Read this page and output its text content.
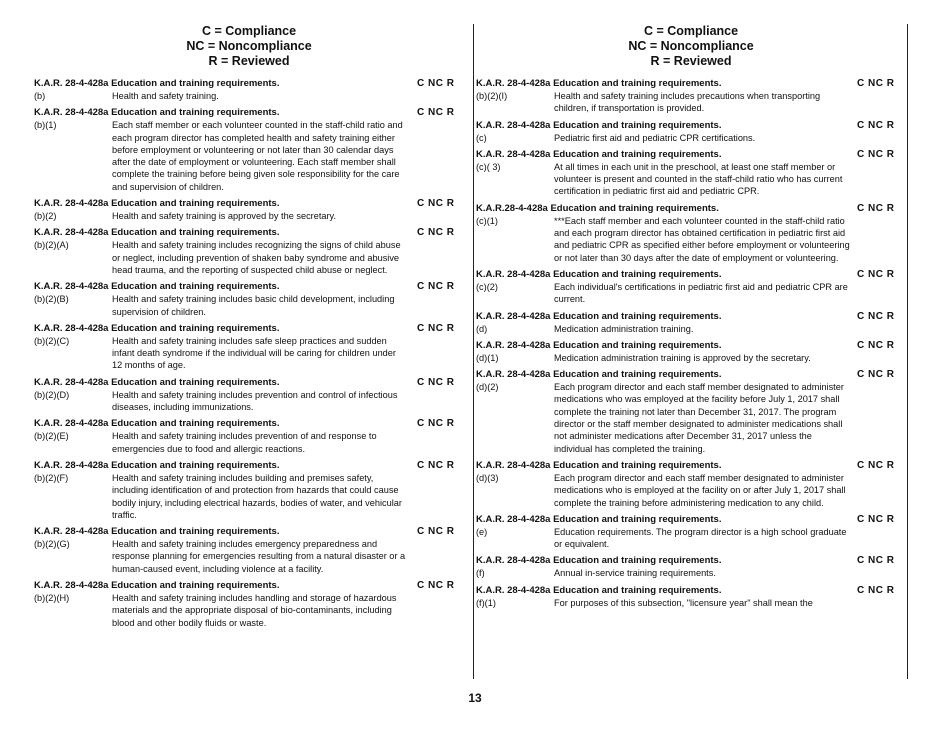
C = Compliance
NC = Noncompliance
R = Reviewed
K.A.R. 28-4-428a Education and training requirements.	C NC R
(b)	Health and safety training.
K.A.R. 28-4-428a Education and training requirements.	C NC R
(b)(1)	Each staff member or each volunteer counted in the staff-child ratio and each program director has completed health and safety training either before employment or volunteering or not later than 30 calendar days after the date of employment or volunteering. Each staff member shall complete the training before being given sole responsibility for the care and supervision of children.
K.A.R. 28-4-428a Education and training requirements.	C NC R
(b)(2)	Health and safety training is approved by the secretary.
K.A.R. 28-4-428a Education and training requirements.	C NC R
(b)(2)(A)	Health and safety training includes recognizing the signs of child abuse or neglect, including prevention of shaken baby syndrome and abusive head trauma, and the reporting of suspected child abuse or neglect.
K.A.R. 28-4-428a Education and training requirements.	C NC R
(b)(2)(B)	Health and safety training includes basic child development, including supervision of children.
K.A.R. 28-4-428a Education and training requirements.	C NC R
(b)(2)(C)	Health and safety training includes safe sleep practices and sudden infant death syndrome if the individual will be caring for children under 12 months of age.
K.A.R. 28-4-428a Education and training requirements.	C NC R
(b)(2)(D)	Health and safety training includes prevention and control of infectious diseases, including immunizations.
K.A.R. 28-4-428a Education and training requirements.	C NC R
(b)(2)(E)	Health and safety training includes prevention of and response to emergencies due to food and allergic reactions.
K.A.R. 28-4-428a Education and training requirements.	C NC R
(b)(2)(F)	Health and safety training includes building and premises safety, including identification of and protection from hazards that could cause bodily injury, including electrical hazards, bodies of water, and vehicular traffic.
K.A.R. 28-4-428a Education and training requirements.	C NC R
(b)(2)(G)	Health and safety training includes emergency preparedness and response planning for emergencies resulting from a natural disaster or a human-caused event, including violence at a facility.
K.A.R. 28-4-428a Education and training requirements.	C NC R
(b)(2)(H)	Health and safety training includes handling and storage of hazardous materials and the appropriate disposal of bio-contaminants, including blood and other bodily fluids or waste.
C = Compliance
NC = Noncompliance
R = Reviewed
K.A.R. 28-4-428a Education and training requirements.	C NC R
(b)(2)(I)	Health and safety training includes precautions when transporting children, if transportation is provided.
K.A.R. 28-4-428a Education and training requirements.	C NC R
(c)	Pediatric first aid and pediatric CPR certifications.
K.A.R. 28-4-428a Education and training requirements.	C NC R
(c)( 3)	At all times in each unit in the preschool, at least one staff member or volunteer is present and counted in the staff-child ratio who has current certification in pediatric first aid and pediatric CPR.
K.A.R.28-4-428a Education and training requirements.	C NC R
(c)(1)	***Each staff member and each volunteer counted in the staff-child ratio and each program director has obtained certification in pediatric first aid and pediatric CPR as specified either before employment or volunteering or not later than 30 days after the date of employment or volunteering.
K.A.R. 28-4-428a Education and training requirements.	C NC R
(c)(2)	Each individual's certifications in pediatric first aid and pediatric CPR are current.
K.A.R. 28-4-428a Education and training requirements.	C NC R
(d)	Medication administration training.
K.A.R. 28-4-428a Education and training requirements.	C NC R
(d)(1)	Medication administration training is approved by the secretary.
K.A.R. 28-4-428a Education and training requirements.	C NC R
(d)(2)	Each program director and each staff member designated to administer medications who was employed at the facility before July 1, 2017 shall complete the training not later than December 31, 2017. The program director or the staff member designated to administer medications shall not administer medications after December 31, 2017 unless the individual has completed the training.
K.A.R. 28-4-428a Education and training requirements.	C NC R
(d)(3)	Each program director and each staff member designated to administer medications who is employed at the facility on or after July 1, 2017 shall complete the training before administering medication to any child.
K.A.R. 28-4-428a Education and training requirements.	C NC R
(e)	Education requirements. The program director is a high school graduate or equivalent.
K.A.R. 28-4-428a Education and training requirements.	C NC R
(f)	Annual in-service training requirements.
K.A.R. 28-4-428a Education and training requirements.	C NC R
(f)(1)	For purposes of this subsection, "licensure year" shall mean the
13
